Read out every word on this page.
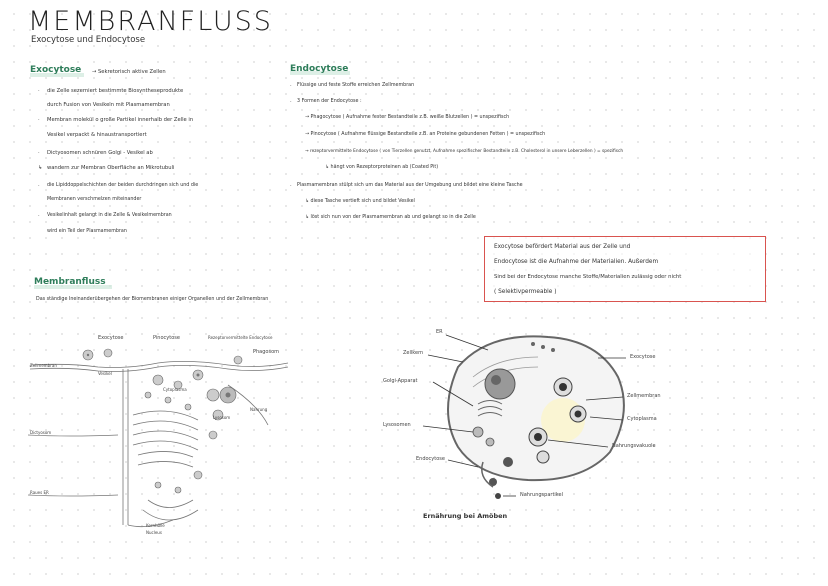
MEMBRANFLUSS
Exocytose und Endocytose
Exocytose → Sekretorisch aktive Zellen
· die Zelle sezerniert bestimmte Biosyntheseprodukte
durch Fusion von Vesikeln mit Plasmamembran
· Membran molekül o große Partikel innerhalb der Zelle in
Vesikel verpackt & hinaustransportiert
· Dictyosomen schnüren Golgi - Vesikel ab
↳ wandern zur Membran Oberfläche an Mikrotubuli
· die Lipiddoppelschichten der beiden durchdringen sich und die
Membranen verschmelzen miteinander
· Vesikelinhalt gelangt in die Zelle & Vesikelmembran
wird ein Teil der Plasmamembran
Endocytose
· Flüssige und feste Stoffe erreichen Zellmembran
· 3 Formen der Endocytose :
→ Phagocytose ( Aufnahme fester Bestandteile z.B. weiße Blutzellen ) = unspezifisch
→ Pinocytose ( Aufnahme flüssige Bestandteile z.B. an Proteine gebundenen Fetten ) = unspezifisch
→ rezeptorvermittelte Endocytose ( von Tierzellen genutzt, Aufnahme spezifischer Bestandteile z.B. Cholesterol in unsere Leberzellen ) = spezifisch
↳ hängt von Rezeptorproteinen ab (Coated Pit)
· Plasmamembran stülpt sich um das Material aus der Umgebung und bildet eine kleine Tasche
↳ diese Tasche vertieft sich und bildet Vesikel
↳ löst sich nun von der Plasmamembran ab und gelangt so in die Zelle
Exocytose befördert Material aus der Zelle und
Endocytose ist die Aufnahme der Materialien. Außerdem
Sind bei der Endocytose manche Stoffe/Materialien zulässig oder nicht
( Selektivpermeable )
Membranfluss
Das ständige Ineinanderübergehen der Biomembranen einiger Organellen und der Zellmembran
Exocytose	Pinocytose	Rezeptorvermittelte Endocytose
Phagosom
Zellmembran
Vesikel
Cytoplasma
Lysosom
Dictyosom
Nahrung
Raues ER
Kernhülle
Nucleus
ER
Zellkern
Golgi-Apparat
Lysosomen
Endocytose
Exocytose
Zellmembran
Cytoplasma
Nahrungsvakuole
Nahrungspartikel
Ernährung bei Amöben
